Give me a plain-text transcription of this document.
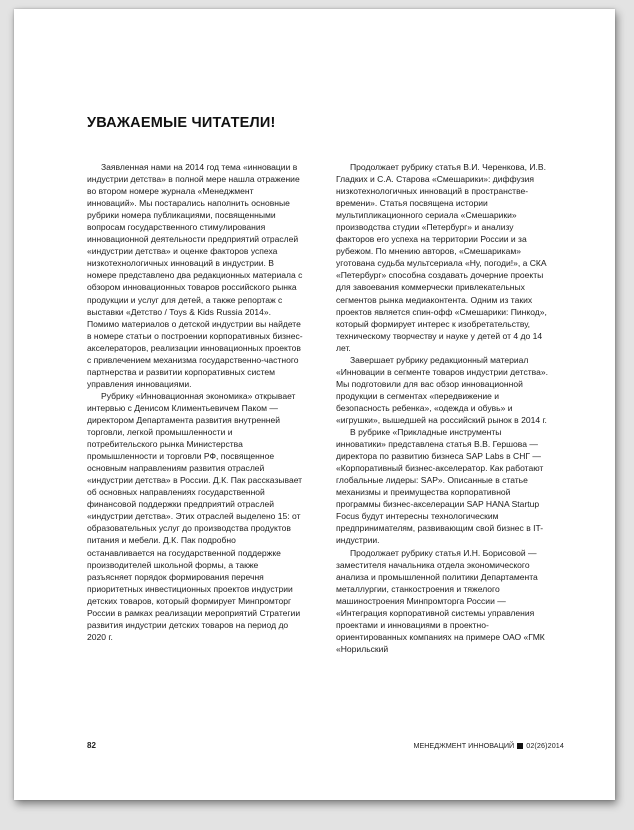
УВАЖАЕМЫЕ ЧИТАТЕЛИ!

Заявленная нами на 2014 год тема «инновации в индустрии детства» в полной мере нашла отражение во втором номере журнала «Менеджмент инноваций». Мы постарались наполнить основные рубрики номера публикациями, посвященными вопросам государственного стимулирования инновационной деятельности предприятий отраслей «индустрии детства» и оценке факторов успеха низкотехнологичных инноваций в индустрии. В номере представлено два редакционных материала с обзором инновационных товаров российского рынка продукции и услуг для детей, а также репортаж с выставки «Детство / Toys & Kids Russia 2014». Помимо материалов о детской индустрии вы найдете в номере статьи о построении корпоративных бизнес-акселераторов, реализации инновационных проектов с привлечением механизма государственно-частного партнерства и развитии корпоративных систем управления инновациями.

Рубрику «Инновационная экономика» открывает интервью с Денисом Климентьевичем Паком — директором Департамента развития внутренней торговли, легкой промышленности и потребительского рынка Министерства промышленности и торговли РФ, посвященное основным направлениям развития отраслей «индустрии детства» в России. Д.К. Пак рассказывает об основных направлениях государственной финансовой поддержки предприятий отраслей «индустрии детства». Этих отраслей выделено 15: от образовательных услуг до производства продуктов питания и мебели. Д.К. Пак подробно останавливается на государственной поддержке производителей школьной формы, а также разъясняет порядок формирования перечня приоритетных инвестиционных проектов индустрии детских товаров, который формирует Минпромторг России в рамках реализации мероприятий Стратегии развития индустрии детских товаров на период до 2020 г.

Продолжает рубрику статья В.И. Черенкова, И.В. Гладких и С.А. Старова «Смешарики»: диффузия низкотехнологичных инноваций в пространстве-времени». Статья посвящена истории мультипликационного сериала «Смешарики» производства студии «Петербург» и анализу факторов его успеха на территории России и за рубежом. По мнению авторов, «Смешарикам» уготована судьба мультсериала «Ну, погоди!», а СКА «Петербург» способна создавать дочерние проекты для завоевания коммерчески привлекательных сегментов рынка медиаконтента. Одним из таких проектов является спин-офф «Смешарики: Пинкод», который формирует интерес к изобретательству, техническому творчеству и науке у детей от 4 до 14 лет.

Завершает рубрику редакционный материал «Инновации в сегменте товаров индустрии детства». Мы подготовили для вас обзор инновационной продукции в сегментах «передвижение и безопасность ребенка», «одежда и обувь» и «игрушки», вышедшей на российский рынок в 2014 г.

В рубрике «Прикладные инструменты инноватики» представлена статья В.В. Гершова — директора по развитию бизнеса SAP Labs в СНГ — «Корпоративный бизнес-акселератор. Как работают глобальные лидеры: SAP». Описанные в статье механизмы и преимущества корпоративной программы бизнес-акселерации SAP HANA Startup Focus будут интересны технологическим предпринимателям, развивающим свой бизнес в IT-индустрии.

Продолжает рубрику статья И.Н. Борисовой — заместителя начальника отдела экономического анализа и промышленной политики Департамента металлургии, станкостроения и тяжелого машиностроения Минпромторга России — «Интеграция корпоративной системы управления проектами и инновациями в проектно-ориентированных компаниях на примере ОАО «ГМК «Норильский

82	МЕНЕДЖМЕНТ ИННОВАЦИЙ 02(26)2014
